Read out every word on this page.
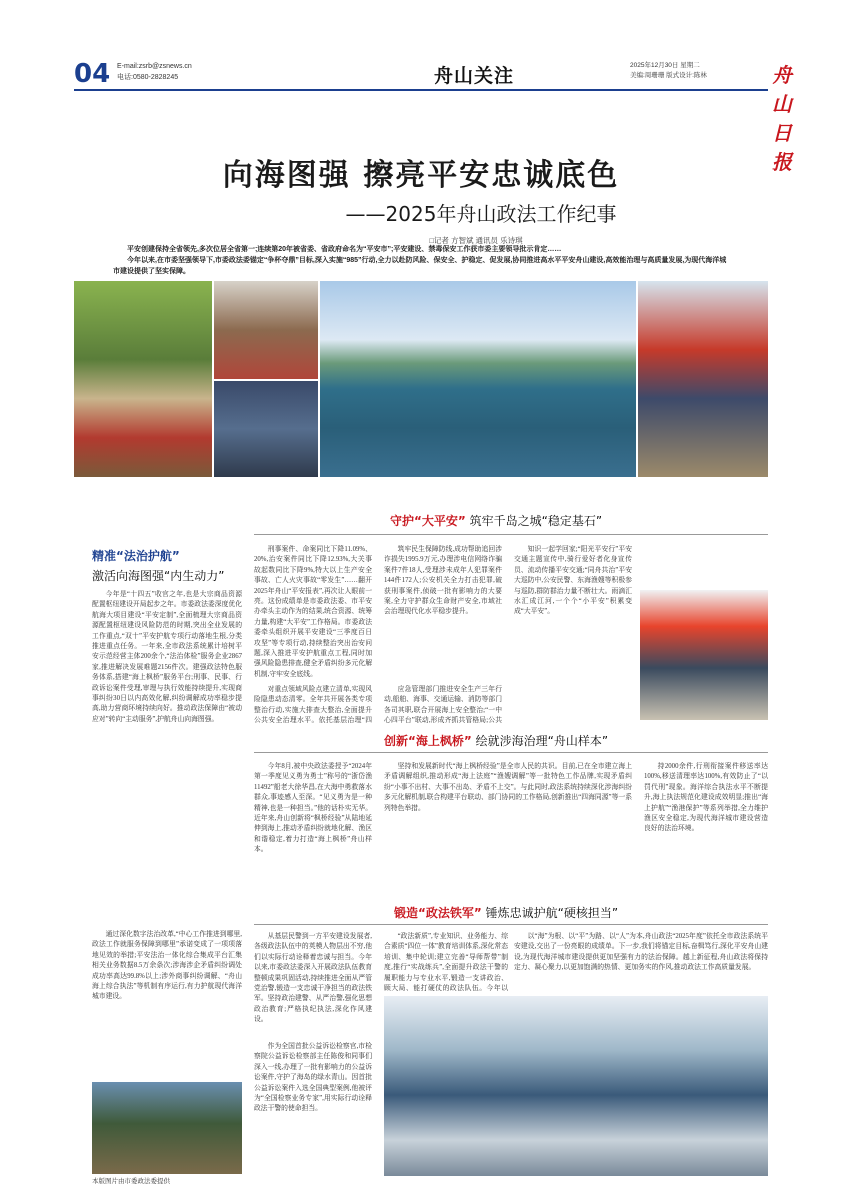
04 E-mail:zsrb@zsnews.cn
电话:0580-2828245	舟山关注	2025年12月30日 星期二
美编:周珊珊 版式设计:陈林	舟山日报
向海图强 擦亮平安忠诚底色
——2025年舟山政法工作纪事
□记者 方智斌 通讯员 乐诗琪

平安创建保持全省领先,多次位居全省第一;连续第20年被省委、省政府命名为“平安市”;平安建设、禁毒保安工作获市委主要领导批示肯定……

今年以来,在市委坚强领导下,市委政法委锚定“争杯夺鼎”目标,深入实施“985”行动,全力以赴防风险、保安全、护稳定、促发展,协同推进高水平平安舟山建设,高效能治理与高质量发展,为现代海洋城市建设提供了坚实保障。

守护“大平安” 筑牢千岛之城“稳定基石”
精准“法治护航”
激活向海图强“内生动力”

今年是“十四五”收官之年,也是大宗商品资源配置枢纽建设开局起步之年。市委政法委深度优化航海大项目建设“平安定制”,全面梳理大宗商品资源配置枢纽建设风险防范的时期,突出全业发展的工作重点,“双十”平安护航专项行动落地生根,分类推进重点任务。一年来,全市政法系统累计培树平安示范经营主体200余个,“法治体检”服务企业2867家,推进解决发展难题2156件次。建强政法特色服务体系,搭建“海上枫桥”服务平台;刑事、民事、行政诉讼案件受理,审理与执行效能持续提升,实现商事纠纷30日以内高效化解,纠纷调解成功率稳步提高,助力营商环境持续向好。推动政法保障由“被动应对”转向“主动服务”,护航舟山向海图强。

通过深化数字法治改革,“中心工作推进到哪里,政法工作就服务保障到哪里”承诺变成了一项项落地见效的举措;平安法治一体化综合集成平台汇集相关业务数据8.5万余条次;涉海涉企矛盾纠纷调处成功率高达99.8%以上;涉外商事纠纷调解、“舟山海上综合执法”等机制有序运行,有力护航现代海洋城市建设。

本版图片由市委政法委提供

刑事案件、命案同比下降11.09%、20%,治安案件同比下降12.93%,大关事故起数同比下降9%,特大以上生产安全事故、亡人火灾事故“零发生”……翻开2025年舟山“平安报表”,再次让人眼前一亮。这份成绩单是市委政法委、市平安办牵头主动作为的结果,统合资源、统筹力量,构建“大平安”工作格局。市委政法委牵头组织开展平安建设“三季度百日攻坚”等专项行动,持续整治突出治安问题,深入推进平安护航重点工程,同时加强风险隐患排查,健全矛盾纠纷多元化解机制,守牢安全底线。

对重点领域风险点建立清单,实现风险隐患动态清零。全年共开展各类专项整治行动,实施大排查大整治,全面提升公共安全治理水平。依托基层治理“四

筑牢民生保障防线,成功帮助追回涉诈损失1995.9万元,办理涉电信网络诈骗案件7件18人,受理涉未成年人犯罪案件144件172人;公安机关全力打击犯罪,破获刑事案件,侦破一批有影响力的大要案,全力守护群众生命财产安全,市域社会治理现代化水平稳步提升。

应急管理部门推进安全生产三年行动,船舶、海事、交通运输、消防等部门各司其职,联合开展海上安全整治;“一中心四平台”联动,形成齐抓共管格局;公共

知识一起学回家;“阳光平安行”平安交通主题宣传中,骑行爱好者化身宣传员、流动传播平安交通;“同舟共治”平安大巡防中,公安民警、东海渔嫂等积极参与巡防,群防群治力量不断壮大。雨滴汇水汇成江河,一个个“小平安”积累变成“大平安”。

创新“海上枫桥” 绘就涉海治理“舟山样本”

今年8月,被中央政法委授予“2024年第一季度见义勇为勇士”称号的“浙岱渔11492”船老大徐华昌,在大海中勇救落水群众,事迹感人至深。“见义勇为是一种精神,也是一种担当。”他的话朴实无华。近年来,舟山创新将“枫桥经验”从陆地延伸到海上,推动矛盾纠纷就地化解、渔区和谐稳定,着力打造“海上枫桥”舟山样本。

坚持和发展新时代“海上枫桥经验”是全市人民的共识。目前,已在全市建立海上矛盾调解组织,推动形成“海上法庭”“渔嫂调解”等一批特色工作品牌,实现矛盾纠纷“小事不出村、大事不出岛、矛盾不上交”。与此同时,政法系统持续深化涉海纠纷多元化解机制,联合构建平台联动、部门协同的工作格局,创新推出“四海同源”等一系列特色举措。

持2000余件,行刑衔接案件移送率达100%,移送清理率达100%,有效防止了“以罚代刑”现象。海洋综合执法水平不断提升,海上执法规范化建设成效明显;推出“海上护航”“渔港保护”等系列举措,全力维护渔区安全稳定,为现代海洋城市建设营造良好的法治环境。

锻造“政法铁军” 锤炼忠诚护航“硬核担当”

从基层民警到一方平安建设发展者,各级政法队伍中的英模人物层出不穷,他们以实际行动诠释着忠诚与担当。今年以来,市委政法委深入开展政法队伍教育整顿成果巩固活动,持续推进全面从严管党治警,锻造一支忠诚干净担当的政法铁军。坚持政治建警、从严治警,强化思想政治教育;严格执纪执法,深化作风建设。

作为全国首批公益诉讼检察官,市检察院公益诉讼检察部主任陈俊和同事们深入一线,办理了一批有影响力的公益诉讼案件,守护了海岛的绿水青山。因首批公益诉讼案件入选全国典型案例,他被评为“全国检察业务专家”,用实际行动诠释政法干警的使命担当。

“政法新质”,专业知识、业务能力、综合素质“四位一体”教育培训体系,深化常态培训、集中轮训;建立完善“导师帮带”制度,推行“实战练兵”,全面提升政法干警的履职能力与专业水平,锻造一支讲政治、顾大局、能打硬仗的政法队伍。今年以

以“海”为根、以“平”为路、以“人”为本,舟山政法“2025年度”依托全市政法系统平安建设,交出了一份亮眼的成绩单。下一步,我们将锚定目标,奋楫笃行,深化平安舟山建设,为现代海洋城市建设提供更加坚强有力的法治保障。越上新征程,舟山政法将保持定力、凝心聚力,以更加饱满的热情、更加务实的作风,推动政法工作高质量发展。
